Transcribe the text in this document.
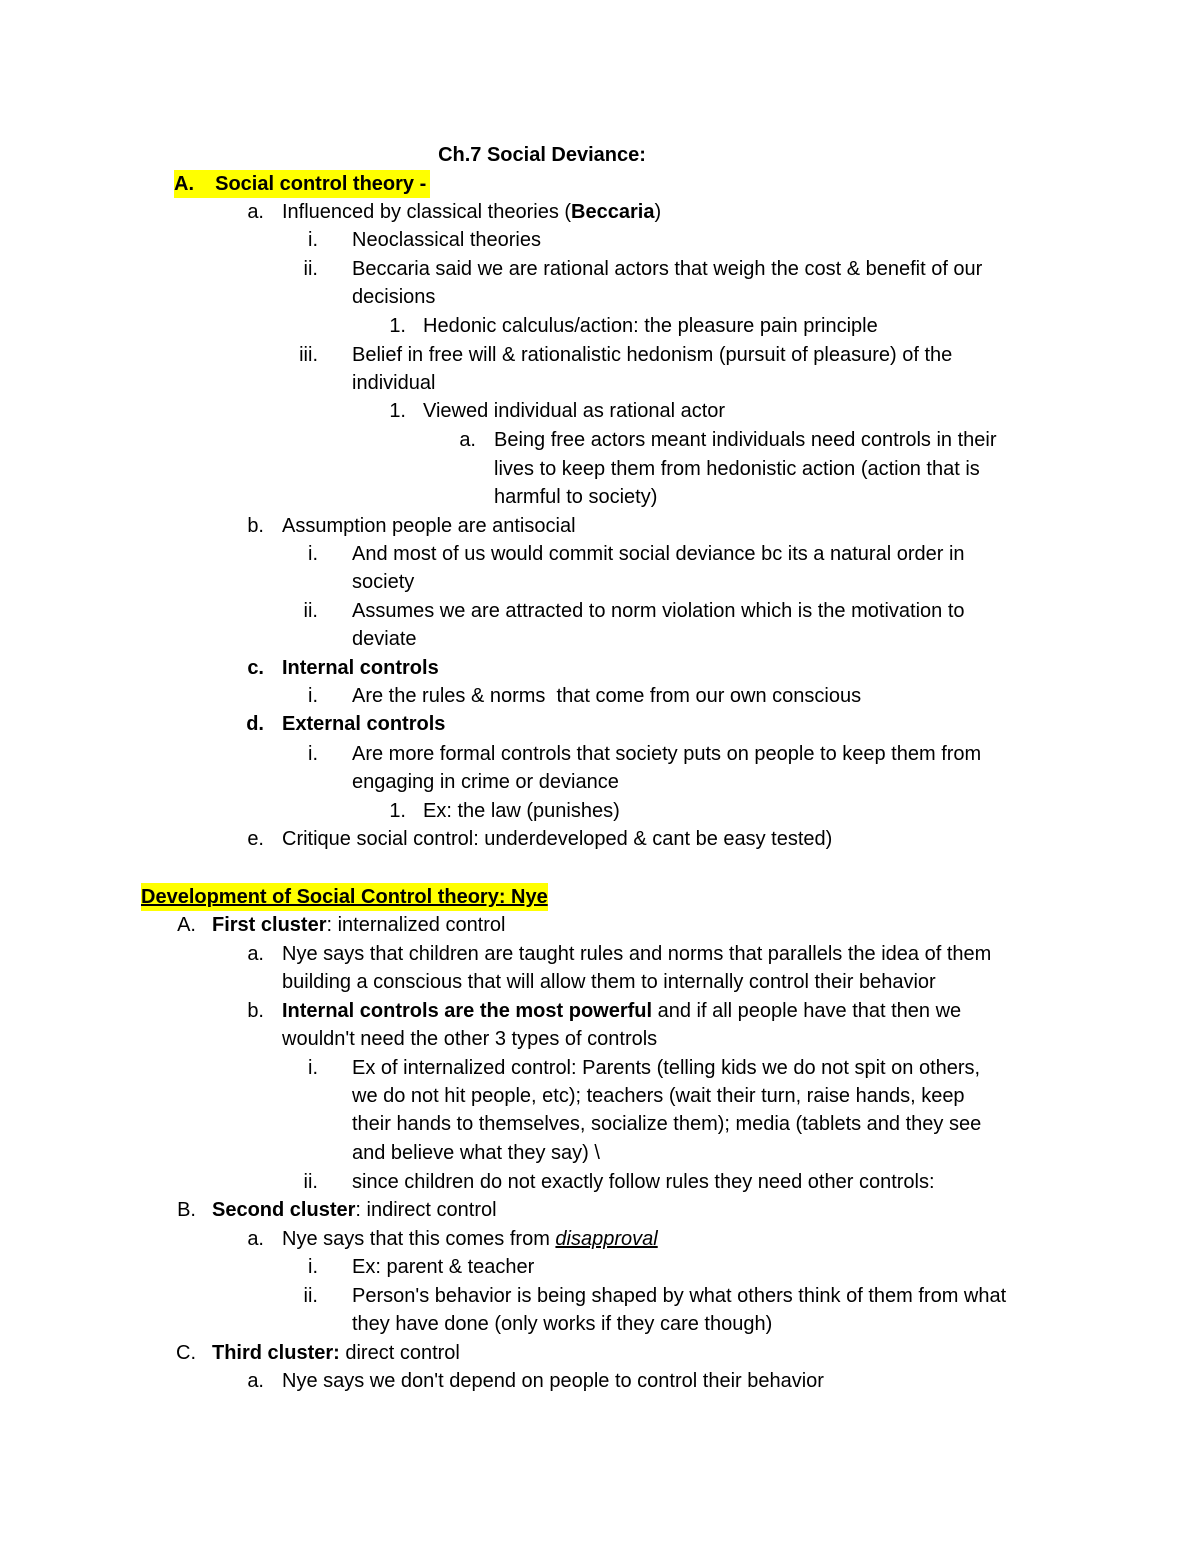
Ch.7 Social Deviance:
A. Social control theory -
a. Influenced by classical theories (Beccaria)
i. Neoclassical theories
ii. Beccaria said we are rational actors that weigh the cost & benefit of our
decisions
1. Hedonic calculus/action: the pleasure pain principle
iii. Belief in free will & rationalistic hedonism (pursuit of pleasure) of the
individual
1. Viewed individual as rational actor
a. Being free actors meant individuals need controls in their
lives to keep them from hedonistic action (action that is
harmful to society)
b. Assumption people are antisocial
i. And most of us would commit social deviance bc its a natural order in
society
ii. Assumes we are attracted to norm violation which is the motivation to
deviate
c. Internal controls
i. Are the rules & norms  that come from our own conscious
d. External controls
i. Are more formal controls that society puts on people to keep them from
engaging in crime or deviance
1. Ex: the law (punishes)
e. Critique social control: underdeveloped & cant be easy tested)
Development of Social Control theory: Nye
A. First cluster: internalized control
a. Nye says that children are taught rules and norms that parallels the idea of them
building a conscious that will allow them to internally control their behavior
b. Internal controls are the most powerful and if all people have that then we
wouldn't need the other 3 types of controls
i. Ex of internalized control: Parents (telling kids we do not spit on others,
we do not hit people, etc); teachers (wait their turn, raise hands, keep
their hands to themselves, socialize them); media (tablets and they see
and believe what they say) \
ii. since children do not exactly follow rules they need other controls:
B. Second cluster: indirect control
a. Nye says that this comes from disapproval
i. Ex: parent & teacher
ii. Person's behavior is being shaped by what others think of them from what
they have done (only works if they care though)
C. Third cluster: direct control
a. Nye says we don't depend on people to control their behavior
